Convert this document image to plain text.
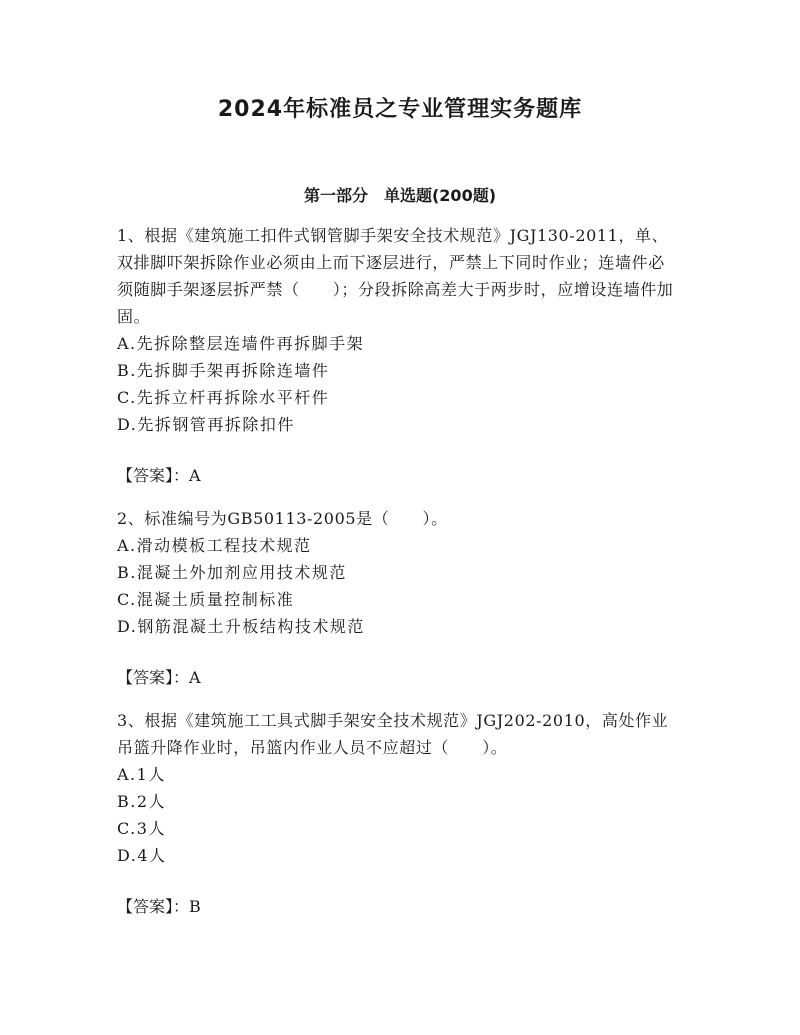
2024年标准员之专业管理实务题库
第一部分　单选题(200题)
1、根据《建筑施工扣件式钢管脚手架安全技术规范》JGJ130-2011，单、双排脚吓架拆除作业必须由上而下逐层进行，严禁上下同时作业；连墙件必须随脚手架逐层拆严禁（　　）；分段拆除高差大于两步时，应增设连墙件加固。
A.先拆除整层连墙件再拆脚手架
B.先拆脚手架再拆除连墙件
C.先拆立杆再拆除水平杆件
D.先拆钢管再拆除扣件
【答案】：A
2、标准编号为GB50113-2005是（　　）。
A.滑动模板工程技术规范
B.混凝土外加剂应用技术规范
C.混凝土质量控制标准
D.钢筋混凝土升板结构技术规范
【答案】：A
3、根据《建筑施工工具式脚手架安全技术规范》JGJ202-2010，高处作业吊篮升降作业时，吊篮内作业人员不应超过（　　）。
A.1人
B.2人
C.3人
D.4人
【答案】：B
